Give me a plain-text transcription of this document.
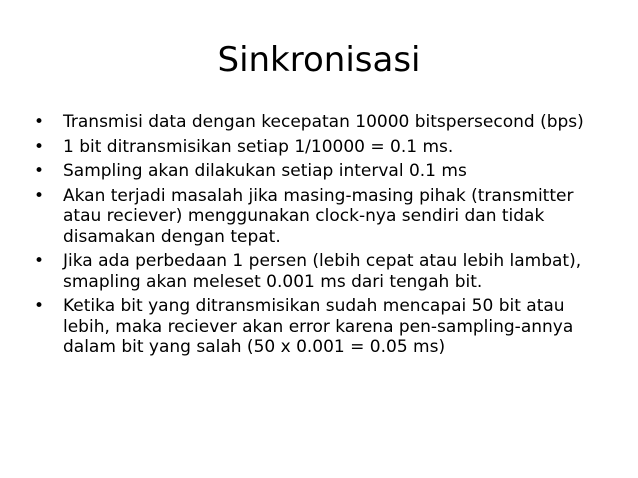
Sinkronisasi
• Transmisi data dengan kecepatan 10000 bitspersecond (bps)
• 1 bit ditransmisikan setiap 1/10000 = 0.1 ms.
• Sampling akan dilakukan setiap interval 0.1 ms
• Akan terjadi masalah jika masing-masing pihak (transmitter atau reciever) menggunakan clock-nya sendiri dan tidak disamakan dengan tepat.
• Jika ada perbedaan 1 persen (lebih cepat atau lebih lambat), smapling akan meleset 0.001 ms dari tengah bit.
• Ketika bit yang ditransmisikan sudah mencapai 50 bit atau lebih, maka reciever akan error karena pen-sampling-annya dalam bit yang salah (50 x 0.001 = 0.05 ms)
